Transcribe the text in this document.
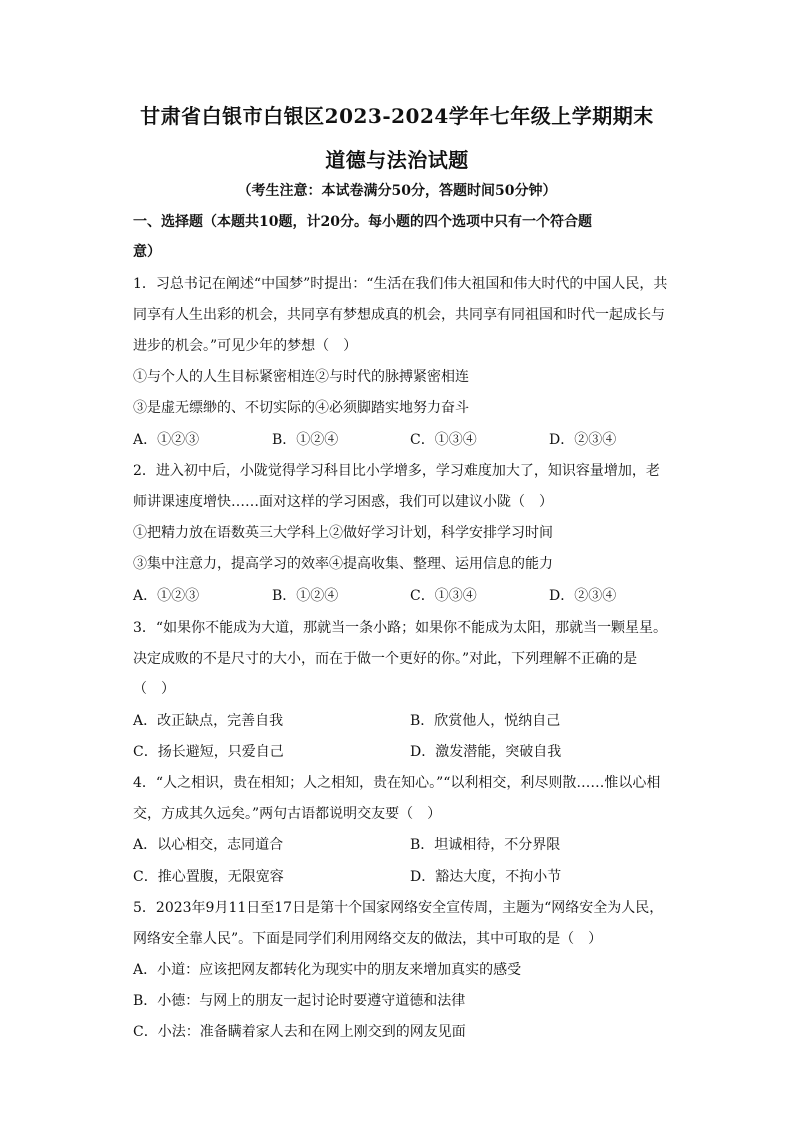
甘肃省白银市白银区2023-2024学年七年级上学期期末
道德与法治试题
（考生注意：本试卷满分50分，答题时间50分钟）
一、选择题（本题共10题，计20分。每小题的四个选项中只有一个符合题
意）
1．习总书记在阐述“中国梦”时提出：“生活在我们伟大祖国和伟大时代的中国人民，共
同享有人生出彩的机会，共同享有梦想成真的机会，共同享有同祖国和时代一起成长与
进步的机会。”可见少年的梦想（　）
①与个人的人生目标紧密相连②与时代的脉搏紧密相连
③是虚无缥缈的、不切实际的④必须脚踏实地努力奋斗
A．①②③	B．①②④	C．①③④	D．②③④
2．进入初中后，小陇觉得学习科目比小学增多，学习难度加大了，知识容量增加，老
师讲课速度增快……面对这样的学习困惑，我们可以建议小陇（　）
①把精力放在语数英三大学科上②做好学习计划，科学安排学习时间
③集中注意力，提高学习的效率④提高收集、整理、运用信息的能力
A．①②③	B．①②④	C．①③④	D．②③④
3．“如果你不能成为大道，那就当一条小路；如果你不能成为太阳，那就当一颗星星。
决定成败的不是尺寸的大小，而在于做一个更好的你。”对此，下列理解不正确的是
（　）
A．改正缺点，完善自我	B．欣赏他人，悦纳自己
C．扬长避短，只爱自己	D．激发潜能，突破自我
4．“人之相识，贵在相知；人之相知，贵在知心。”“以利相交，利尽则散……惟以心相
交，方成其久远矣。”两句古语都说明交友要（　）
A．以心相交，志同道合	B．坦诚相待，不分界限
C．推心置腹，无限宽容	D．豁达大度，不拘小节
5．2023年9月11日至17日是第十个国家网络安全宣传周，主题为“网络安全为人民，
网络安全靠人民”。下面是同学们利用网络交友的做法，其中可取的是（　）
A．小道：应该把网友都转化为现实中的朋友来增加真实的感受
B．小德：与网上的朋友一起讨论时要遵守道德和法律
C．小法：准备瞒着家人去和在网上刚交到的网友见面
